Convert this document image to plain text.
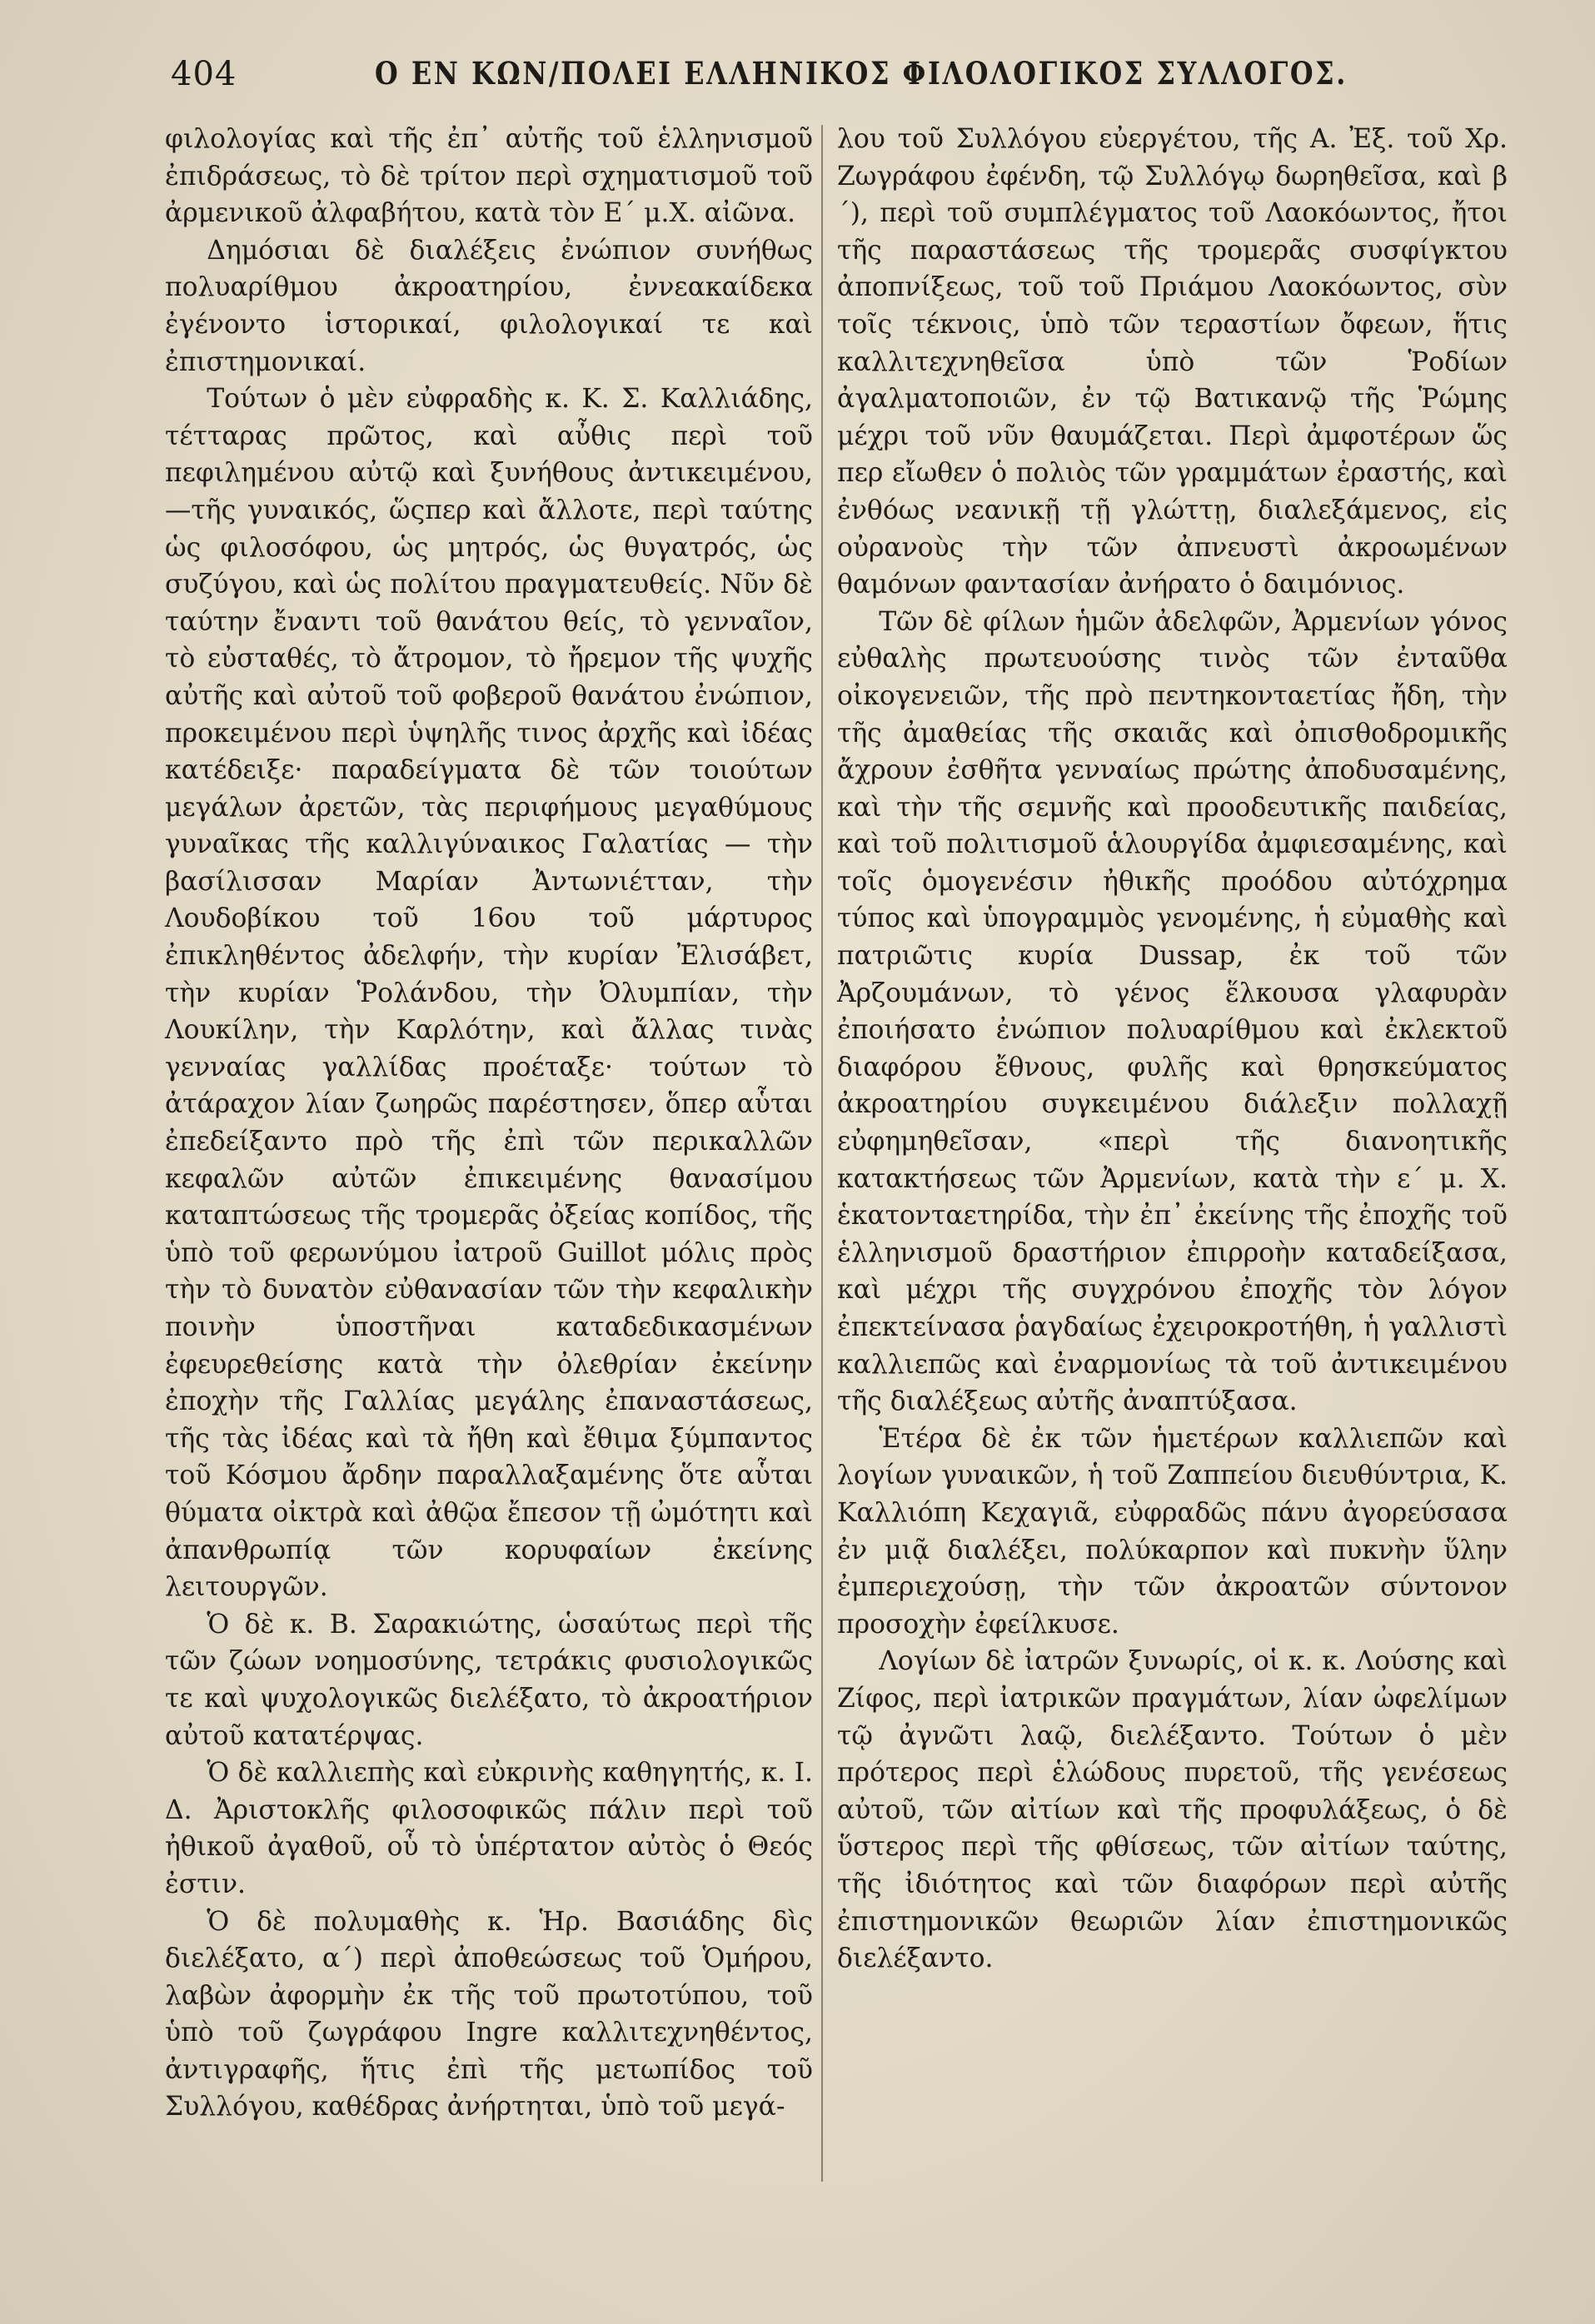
404	Ο ΕΝ ΚΩΝ/ΠΟΛΕΙ ΕΛΛΗΝΙΚΟΣ ΦΙΛΟΛΟΓΙΚΟΣ ΣΥΛΛΟΓΟΣ.

φιλολογίας καὶ τῆς ἐπ᾽ αὐτῆς τοῦ ἑλληνισμοῦ ἐπιδράσεως, τὸ δὲ τρίτον περὶ σχηματισμοῦ τοῦ ἀρμενικοῦ ἀλφαβήτου, κατὰ τὸν Ε´ μ.Χ. αἰῶνα.

Δημόσιαι δὲ διαλέξεις ἐνώπιον συνήθως πολυαρίθμου ἀκροατηρίου, ἐννεακαίδεκα ἐγένοντο ἱστορικαί, φιλολογικαί τε καὶ ἐπιστημονικαί.

Τούτων ὁ μὲν εὐφραδὴς κ. Κ. Σ. Καλλιάδης, τέτταρας πρῶτος, καὶ αὖθις περὶ τοῦ πεφιλημένου αὐτῷ καὶ ξυνήθους ἀντικειμένου, —τῆς γυναικός, ὥςπερ καὶ ἄλλοτε, περὶ ταύτης ὡς φιλοσόφου, ὡς μητρός, ὡς θυγατρός, ὡς συζύγου, καὶ ὡς πολίτου πραγματευθείς. Νῦν δὲ ταύτην ἔναντι τοῦ θανάτου θείς, τὸ γενναῖον, τὸ εὐσταθές, τὸ ἄτρομον, τὸ ἤρεμον τῆς ψυχῆς αὐτῆς καὶ αὐτοῦ τοῦ φοβεροῦ θανάτου ἐνώπιον, προκειμένου περὶ ὑψηλῆς τινος ἀρχῆς καὶ ἰδέας κατέδειξε· παραδείγματα δὲ τῶν τοιούτων μεγάλων ἀρετῶν, τὰς περιφήμους μεγαθύμους γυναῖκας τῆς καλλιγύναικος Γαλατίας — τὴν βασίλισσαν Μαρίαν Ἀντωνιέτταν, τὴν Λουδοβίκου τοῦ 16ου τοῦ μάρτυρος ἐπικληθέντος ἀδελφήν, τὴν κυρίαν Ἐλισάβετ, τὴν κυρίαν Ῥολάνδου, τὴν Ὀλυμπίαν, τὴν Λουκίλην, τὴν Καρλότην, καὶ ἄλλας τινὰς γενναίας γαλλίδας προέταξε· τούτων τὸ ἀτάραχον λίαν ζωηρῶς παρέστησεν, ὅπερ αὗται ἐπεδείξαντο πρὸ τῆς ἐπὶ τῶν περικαλλῶν κεφαλῶν αὐτῶν ἐπικειμένης θανασίμου καταπτώσεως τῆς τρομερᾶς ὀξείας κοπίδος, τῆς ὑπὸ τοῦ φερωνύμου ἰατροῦ Guillot μόλις πρὸς τὴν τὸ δυνατὸν εὐθανασίαν τῶν τὴν κεφαλικὴν ποινὴν ὑποστῆναι καταδεδικασμένων ἐφευρεθείσης κατὰ τὴν ὀλεθρίαν ἐκείνην ἐποχὴν τῆς Γαλλίας μεγάλης ἐπαναστάσεως, τῆς τὰς ἰδέας καὶ τὰ ἤθη καὶ ἔθιμα ξύμπαντος τοῦ Κόσμου ἄρδην παραλλαξαμένης ὅτε αὗται θύματα οἰκτρὰ καὶ ἀθῷα ἔπεσον τῇ ὠμότητι καὶ ἀπανθρωπίᾳ τῶν κορυφαίων ἐκείνης λειτουργῶν.

Ὁ δὲ κ. Β. Σαρακιώτης, ὡσαύτως περὶ τῆς τῶν ζώων νοημοσύνης, τετράκις φυσιολογικῶς τε καὶ ψυχολογικῶς διελέξατο, τὸ ἀκροατήριον αὐτοῦ κατατέρψας.

Ὁ δὲ καλλιεπὴς καὶ εὐκρινὴς καθηγητής, κ. Ι. Δ. Ἀριστοκλῆς φιλοσοφικῶς πάλιν περὶ τοῦ ἠθικοῦ ἀγαθοῦ, οὗ τὸ ὑπέρτατον αὐτὸς ὁ Θεός ἐστιν.

Ὁ δὲ πολυμαθὴς κ. Ἡρ. Βασιάδης δὶς διελέξατο, α´) περὶ ἀποθεώσεως τοῦ Ὁμήρου, λαβὼν ἀφορμὴν ἐκ τῆς τοῦ πρωτοτύπου, τοῦ ὑπὸ τοῦ ζωγράφου Ingre καλλιτεχνηθέντος, ἀντιγραφῆς, ἥτις ἐπὶ τῆς μετωπίδος τοῦ Συλλόγου, καθέδρας ἀνήρτηται, ὑπὸ τοῦ μεγά-

λου τοῦ Συλλόγου εὐεργέτου, τῆς Α. Ἐξ. τοῦ Χρ. Ζωγράφου ἐφένδη, τῷ Συλλόγῳ δωρηθεῖσα, καὶ β´), περὶ τοῦ συμπλέγματος τοῦ Λαοκόωντος, ἤτοι τῆς παραστάσεως τῆς τρομερᾶς συσφίγκτου ἀποπνίξεως, τοῦ τοῦ Πριάμου Λαοκόωντος, σὺν τοῖς τέκνοις, ὑπὸ τῶν τεραστίων ὄφεων, ἥτις καλλιτεχνηθεῖσα ὑπὸ τῶν Ῥοδίων ἀγαλματοποιῶν, ἐν τῷ Βατικανῷ τῆς Ῥώμης μέχρι τοῦ νῦν θαυμάζεται. Περὶ ἀμφοτέρων ὥς περ εἴωθεν ὁ πολιὸς τῶν γραμμάτων ἐραστής, καὶ ἐνθόως νεανικῇ τῇ γλώττῃ, διαλεξάμενος, εἰς οὐρανοὺς τὴν τῶν ἀπνευστὶ ἀκροωμένων θαμόνων φαντασίαν ἀνήρατο ὁ δαιμόνιος.

Τῶν δὲ φίλων ἡμῶν ἀδελφῶν, Ἀρμενίων γόνος εὐθαλὴς πρωτευούσης τινὸς τῶν ἐνταῦθα οἰκογενειῶν, τῆς πρὸ πεντηκονταετίας ἤδη, τὴν τῆς ἀμαθείας τῆς σκαιᾶς καὶ ὀπισθοδρομικῆς ἄχρουν ἐσθῆτα γενναίως πρώτης ἀποδυσαμένης, καὶ τὴν τῆς σεμνῆς καὶ προοδευτικῆς παιδείας, καὶ τοῦ πολιτισμοῦ ἁλουργίδα ἀμφιεσαμένης, καὶ τοῖς ὁμογενέσιν ἠθικῆς προόδου αὐτόχρημα τύπος καὶ ὑπογραμμὸς γενομένης, ἡ εὐμαθὴς καὶ πατριῶτις κυρία Dussap, ἐκ τοῦ τῶν Ἀρζουμάνων, τὸ γένος ἕλκουσα γλαφυρὰν ἐποιήσατο ἐνώπιον πολυαρίθμου καὶ ἐκλεκτοῦ διαφόρου ἔθνους, φυλῆς καὶ θρησκεύματος ἀκροατηρίου συγκειμένου διάλεξιν πολλαχῇ εὐφημηθεῖσαν, «περὶ τῆς διανοητικῆς κατακτήσεως τῶν Ἀρμενίων, κατὰ τὴν ε´ μ. Χ. ἑκατονταετηρίδα, τὴν ἐπ᾽ ἐκείνης τῆς ἐποχῆς τοῦ ἑλληνισμοῦ δραστήριον ἐπιρροὴν καταδείξασα, καὶ μέχρι τῆς συγχρόνου ἐποχῆς τὸν λόγον ἐπεκτείνασα ῥαγδαίως ἐχειροκροτήθη, ἡ γαλλιστὶ καλλιεπῶς καὶ ἐναρμονίως τὰ τοῦ ἀντικειμένου τῆς διαλέξεως αὐτῆς ἀναπτύξασα.

Ἑτέρα δὲ ἐκ τῶν ἡμετέρων καλλιεπῶν καὶ λογίων γυναικῶν, ἡ τοῦ Ζαππείου διευθύντρια, Κ. Καλλιόπη Κεχαγιᾶ, εὐφραδῶς πάνυ ἀγορεύσασα ἐν μιᾷ διαλέξει, πολύκαρπον καὶ πυκνὴν ὕλην ἐμπεριεχούσῃ, τὴν τῶν ἀκροατῶν σύντονον προσοχὴν ἐφείλκυσε.

Λογίων δὲ ἰατρῶν ξυνωρίς, οἱ κ. κ. Λούσης καὶ Ζίφος, περὶ ἰατρικῶν πραγμάτων, λίαν ὠφελίμων τῷ ἀγνῶτι λαῷ, διελέξαντο. Τούτων ὁ μὲν πρότερος περὶ ἑλώδους πυρετοῦ, τῆς γενέσεως αὐτοῦ, τῶν αἰτίων καὶ τῆς προφυλάξεως, ὁ δὲ ὕστερος περὶ τῆς φθίσεως, τῶν αἰτίων ταύτης, τῆς ἰδιότητος καὶ τῶν διαφόρων περὶ αὐτῆς ἐπιστημονικῶν θεωριῶν λίαν ἐπιστημονικῶς διελέξαντο.
